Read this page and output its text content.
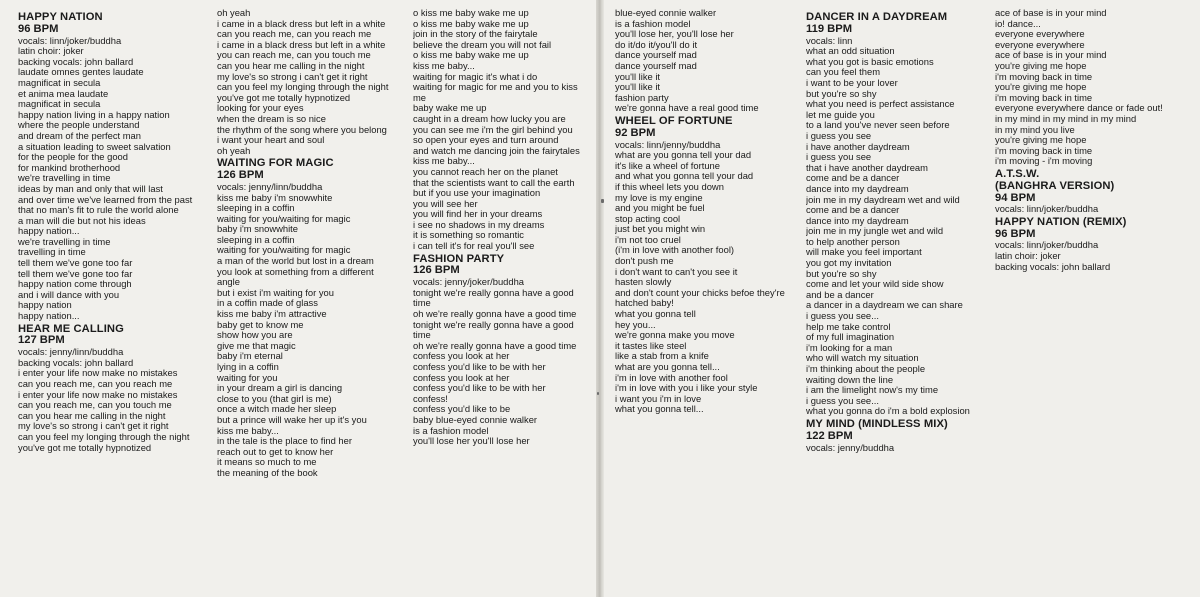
HAPPY NATION

96 BPM

vocals: linn/joker/buddha
latin choir: joker
backing vocals: john ballard

laudate omnes gentes laudate
magnificat in secula
et anima mea laudate
magnificat in secula

happy nation living in a happy nation
where the people understand
and dream of the perfect man
a situation leading to sweet salvation
for the people for the good
for mankind brotherhood

we're travelling in time

ideas by man and only that will last
and over time we've learned from the past
that no man's fit to rule the world alone
a man will die but not his ideas

happy nation...

we're travelling in time
travelling in time

tell them we've gone too far
tell them we've gone too far
happy nation come through
and i will dance with you
happy nation

happy nation...

HEAR ME CALLING

127 BPM

vocals: jenny/linn/buddha
backing vocals: john ballard

i enter your life now make no mistakes
can you reach me, can you reach me

i enter your life now make no mistakes
can you reach me, can you touch me

can you hear me calling in the night
my love's so strong i can't get it right
can you feel my longing through the night
you've got me totally hypnotized

oh yeah

i came in a black dress but left in a white
can you reach me, can you reach me
i came in a black dress but left in a white
you can reach me, can you touch me

can you hear me calling in the night
my love's so strong i can't get it right
can you feel my longing through the night
you've got me totally hypnotized

looking for your eyes
when the dream is so nice
the rhythm of the song where you belong
i want your heart and soul

oh yeah

WAITING FOR MAGIC

126 BPM

vocals: jenny/linn/buddha

kiss me baby i'm snowwhite
sleeping in a coffin
waiting for you/waiting for magic

baby i'm snowwhite
sleeping in a coffin
waiting for you/waiting for magic
a man of the world but lost in a dream
you look at something from a different
angle
but i exist i'm waiting for you
in a coffin made of glass

kiss me baby i'm attractive
baby get to know me
show how you are
give me that magic
baby i'm eternal
lying in a coffin
waiting for you
in your dream a girl is dancing
close to you (that girl is me)
once a witch made her sleep
but a prince will wake her up it's you

kiss me baby...

in the tale is the place to find her
reach out to get to know her
it means so much to me
the meaning of the book

o kiss me baby wake me up
o kiss me baby wake me up
join in the story of the fairytale
believe the dream you will not fail
o kiss me baby wake me up

kiss me baby...

waiting for magic it's what i do
waiting for magic for me and you to kiss
me
baby wake me up

caught in a dream how lucky you are
you can see me i'm the girl behind you
so open your eyes and turn around
and watch me dancing join the fairytales

kiss me baby...

you cannot reach her on the planet
that the scientists want to call the earth
but if you use your imagination
you will see her
you will find her in your dreams

i see no shadows in my dreams
it is something so romantic
i can tell it's for real you'll see

FASHION PARTY

126 BPM

vocals: jenny/joker/buddha

tonight we're really gonna have a good
time
oh we're really gonna have a good time

tonight we're really gonna have a good
time
oh we're really gonna have a good time

confess you look at her
confess you'd like to be with her
confess you look at her
confess you'd like to be with her
confess!
confess you'd like to be

baby blue-eyed connie walker
is a fashion model
you'll lose her you'll lose her

blue-eyed connie walker
is a fashion model
you'll lose her, you'll lose her

do it/do it/you'll do it

dance yourself mad
dance yourself mad
you'll like it
you'll like it
fashion party

we're gonna have a real good time

WHEEL OF FORTUNE

92 BPM

vocals: linn/jenny/buddha

what are you gonna tell your dad
it's like a wheel of fortune
and what you gonna tell your dad
if this wheel lets you down

my love is my engine
and you might be fuel
stop acting cool
just bet you might win

i'm not too cruel
(i'm in love with another fool)

don't push me
i don't want to can't you see it
hasten slowly
and don't count your chicks befoe they're
hatched baby!

what you gonna tell

hey you...
we're gonna make you move
it tastes like steel
like a stab from a knife

what are you gonna tell...
i'm in love with another fool

i'm in love with you i like your style
i want you i'm in love

what you gonna tell...

DANCER IN A DAYDREAM

119 BPM

vocals: linn

what an odd situation
what you got is basic emotions
can you feel them
i want to be your lover
but you're so shy
what you need is perfect assistance
let me guide you
to a land you've never seen before

i guess you see
i have another daydream
i guess you see
that i have another daydream
come and be a dancer
dance into my daydream
join me in my daydream wet and wild

come and be a dancer
dance into my daydream
join me in my jungle wet and wild

to help another person
will make you feel important
you got my invitation
but you're so shy

come and let your wild side show
and be a dancer
a dancer in a daydream we can share

i guess you see...

help me take control
of my full imagination
i'm looking for a man
who will watch my situation
i'm thinking about the people
waiting down the line
i am the limelight now's my time

i guess you see...

what you gonna do i'm a bold explosion

MY MIND (MINDLESS MIX)

122 BPM

vocals: jenny/buddha

ace of base is in your mind
io! dance...

everyone everywhere
everyone everywhere
ace of base is in your mind

you're giving me hope
i'm moving back in time
you're giving me hope
i'm moving back in time

everyone everywhere dance or fade out!

in my mind in my mind in my mind
in my mind you live

you're giving me hope
i'm moving back in time
i'm moving - i'm moving

A.T.S.W.
(BANGHRA VERSION)

94 BPM

vocals: linn/joker/buddha

HAPPY NATION (REMIX)

96 BPM

vocals: linn/joker/buddha
latin choir: joker
backing vocals: john ballard
